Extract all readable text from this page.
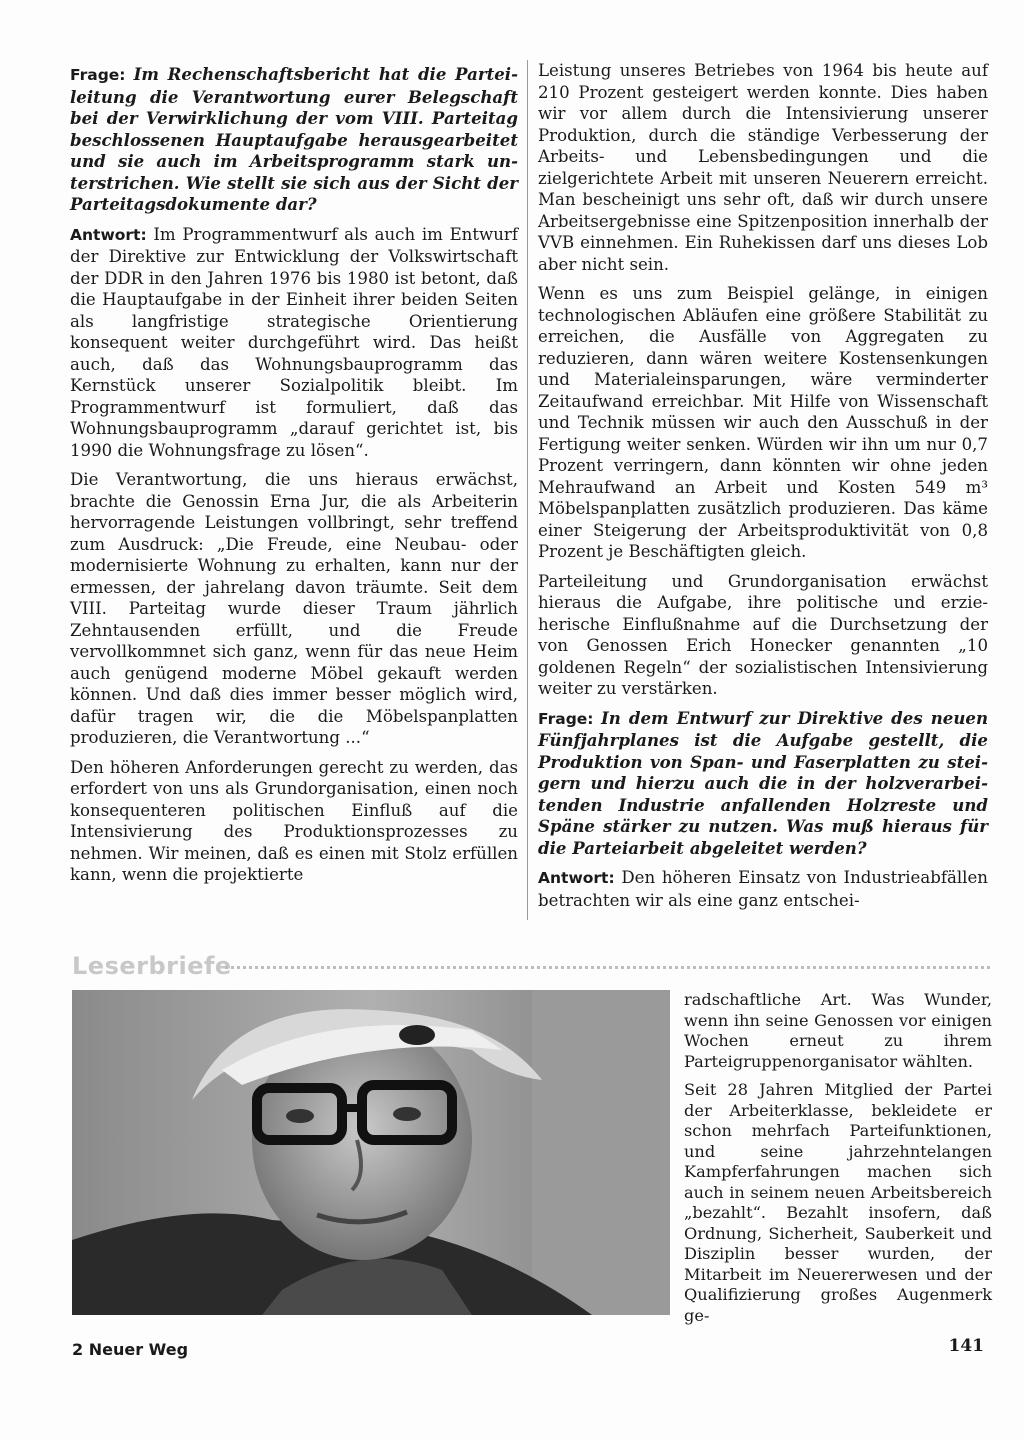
Frage: Im Rechenschaftsbericht hat die Parteileitung die Verantwortung eurer Belegschaft bei der Verwirklichung der vom VIII. Parteitag beschlossenen Hauptaufgabe herausgearbeitet und sie auch im Arbeitsprogramm stark unterstrichen. Wie stellt sie sich aus der Sicht der Parteitagsdokumente dar?

Antwort: Im Programmentwurf als auch im Entwurf der Direktive zur Entwicklung der Volkswirtschaft der DDR in den Jahren 1976 bis 1980 ist betont, daß die Hauptaufgabe in der Einheit ihrer beiden Seiten als langfristige strategische Orientierung konsequent weiter durchgeführt wird. Das heißt auch, daß das Wohnungsbauprogramm das Kernstück unserer Sozialpolitik bleibt. Im Programmentwurf ist formuliert, daß das Wohnungsbauprogramm „darauf gerichtet ist, bis 1990 die Wohnungsfrage zu lösen“.

Die Verantwortung, die uns hieraus erwächst, brachte die Genossin Erna Jur, die als Arbeiterin hervorragende Leistungen vollbringt, sehr treffend zum Ausdruck: „Die Freude, eine Neubau- oder modernisierte Wohnung zu erhalten, kann nur der ermessen, der jahrelang davon träumte. Seit dem VIII. Parteitag wurde dieser Traum jährlich Zehntausenden erfüllt, und die Freude vervollkommnet sich ganz, wenn für das neue Heim auch genügend moderne Möbel gekauft werden können. Und daß dies immer besser möglich wird, dafür tragen wir, die die Möbelspanplatten produzieren, die Verantwortung ...“

Den höheren Anforderungen gerecht zu werden, das erfordert von uns als Grundorganisation, einen noch konsequenteren politischen Einfluß auf die Intensivierung des Produktionsprozesses zu nehmen. Wir meinen, daß es einen mit Stolz erfüllen kann, wenn die projektierte

Leistung unseres Betriebes von 1964 bis heute auf 210 Prozent gesteigert werden konnte. Dies haben wir vor allem durch die Intensivierung unserer Produktion, durch die ständige Verbesserung der Arbeits- und Lebensbedingungen und die zielgerichtete Arbeit mit unseren Neuerern erreicht. Man bescheinigt uns sehr oft, daß wir durch unsere Arbeitsergebnisse eine Spitzenposition innerhalb der VVB einnehmen. Ein Ruhekissen darf uns dieses Lob aber nicht sein.

Wenn es uns zum Beispiel gelänge, in einigen technologischen Abläufen eine größere Stabilität zu erreichen, die Ausfälle von Aggregaten zu reduzieren, dann wären weitere Kostensenkungen und Materialeinsparungen, wäre verminderter Zeitaufwand erreichbar. Mit Hilfe von Wissenschaft und Technik müssen wir auch den Ausschuß in der Fertigung weiter senken. Würden wir ihn um nur 0,7 Prozent verringern, dann könnten wir ohne jeden Mehraufwand an Arbeit und Kosten 549 m³ Möbelspanplatten zusätzlich produzieren. Das käme einer Steigerung der Arbeitsproduktivität von 0,8 Prozent je Beschäftigten gleich.

Parteileitung und Grundorganisation erwächst hieraus die Aufgabe, ihre politische und erzieherische Einflußnahme auf die Durchsetzung der von Genossen Erich Honecker genannten „10 goldenen Regeln“ der sozialistischen Intensivierung weiter zu verstärken.

Frage: In dem Entwurf zur Direktive des neuen Fünfjahrplanes ist die Aufgabe gestellt, die Produktion von Span- und Faserplatten zu steigern und hierzu auch die in der holzverarbeitenden Industrie anfallenden Holzreste und Späne stärker zu nutzen. Was muß hieraus für die Parteiarbeit abgeleitet werden?

Antwort: Den höheren Einsatz von Industrieabfällen betrachten wir als eine ganz entschei-

Leserbriefe

radschaftliche Art. Was Wunder, wenn ihn seine Genossen vor einigen Wochen erneut zu ihrem Parteigruppenorganisator wählten.

Seit 28 Jahren Mitglied der Partei der Arbeiterklasse, bekleidete er schon mehrfach Parteifunktionen, und seine jahrzehntelangen Kampferfahrungen machen sich auch in seinem neuen Arbeitsbereich „bezahlt“. Bezahlt insofern, daß Ordnung, Sicherheit, Sauberkeit und Disziplin besser wurden, der Mitarbeit im Neuererwesen und der Qualifizierung großes Augenmerk ge-

2 Neuer Weg	141
